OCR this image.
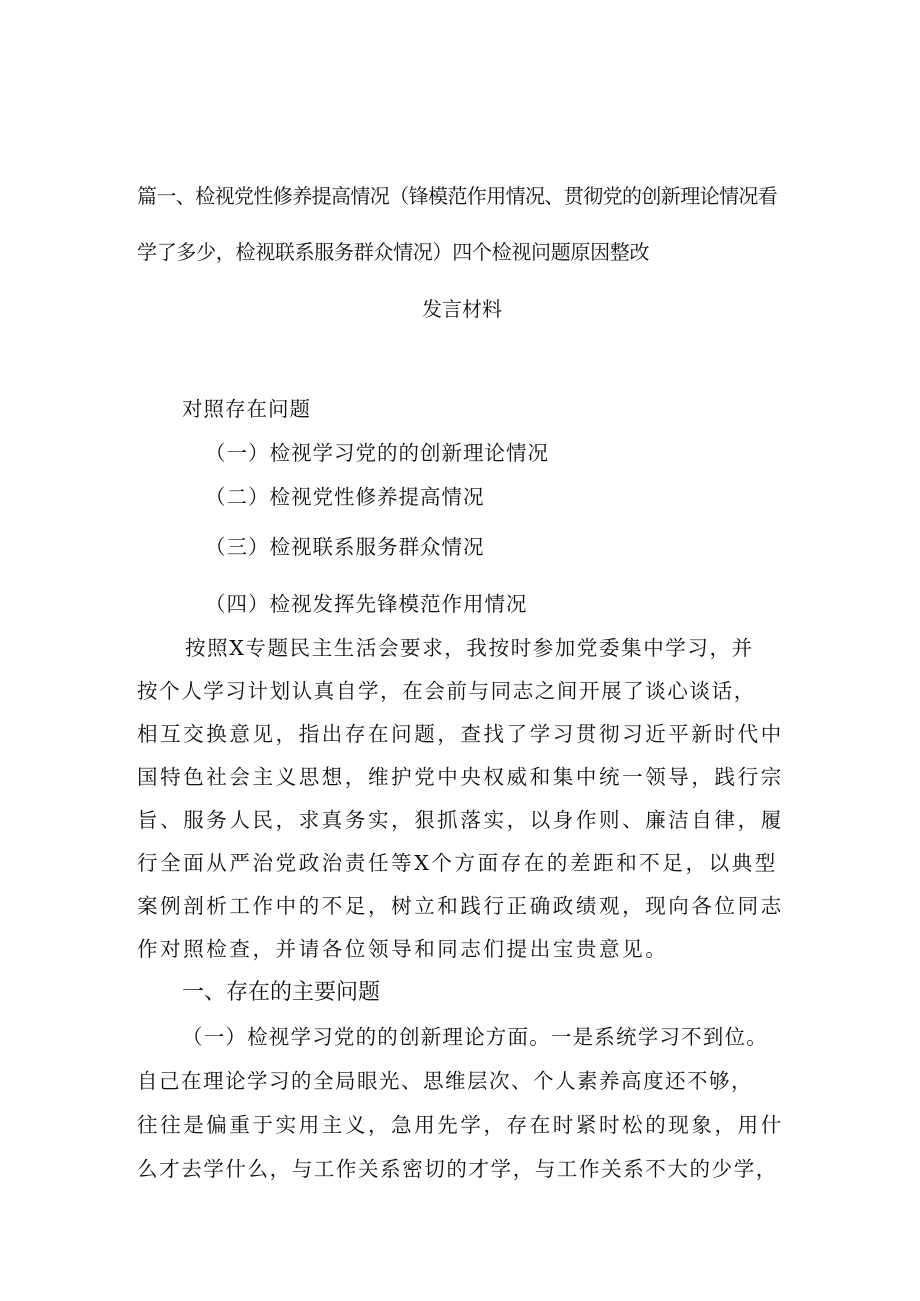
篇一、检视党性修养提高情况（锋模范作用情况、贯彻党的创新理论情况看
学了多少，检视联系服务群众情况）四个检视问题原因整改
发言材料
对照存在问题
（一）检视学习党的的创新理论情况
（二）检视党性修养提高情况
（三）检视联系服务群众情况
（四）检视发挥先锋模范作用情况
按照X专题民主生活会要求，我按时参加党委集中学习，并
按个人学习计划认真自学，在会前与同志之间开展了谈心谈话，
相互交换意见，指出存在问题，查找了学习贯彻习近平新时代中
国特色社会主义思想，维护党中央权威和集中统一领导，践行宗
旨、服务人民，求真务实，狠抓落实，以身作则、廉洁自律，履
行全面从严治党政治责任等X个方面存在的差距和不足，以典型
案例剖析工作中的不足，树立和践行正确政绩观，现向各位同志
作对照检查，并请各位领导和同志们提出宝贵意见。
一、存在的主要问题
（一）检视学习党的的创新理论方面。一是系统学习不到位。
自己在理论学习的全局眼光、思维层次、个人素养高度还不够，
往往是偏重于实用主义，急用先学，存在时紧时松的现象，用什
么才去学什么，与工作关系密切的才学，与工作关系不大的少学，
